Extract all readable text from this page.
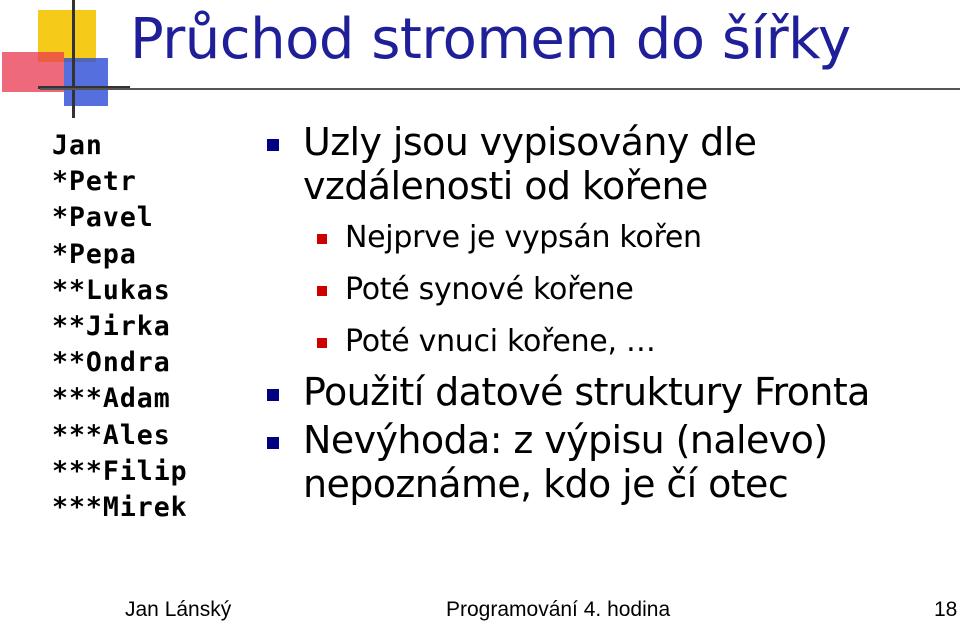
Průchod stromem do šířky
Jan
*Petr
*Pavel
*Pepa
**Lukas
**Jirka
**Ondra
***Adam
***Ales
***Filip
***Mirek
Uzly jsou vypisovány dle vzdálenosti od kořene
Nejprve je vypsán kořen
Poté synové kořene
Poté vnuci kořene, …
Použití datové struktury Fronta
Nevýhoda: z výpisu (nalevo) nepoznáme, kdo je čí otec
Jan Lánský	Programování 4. hodina	18
